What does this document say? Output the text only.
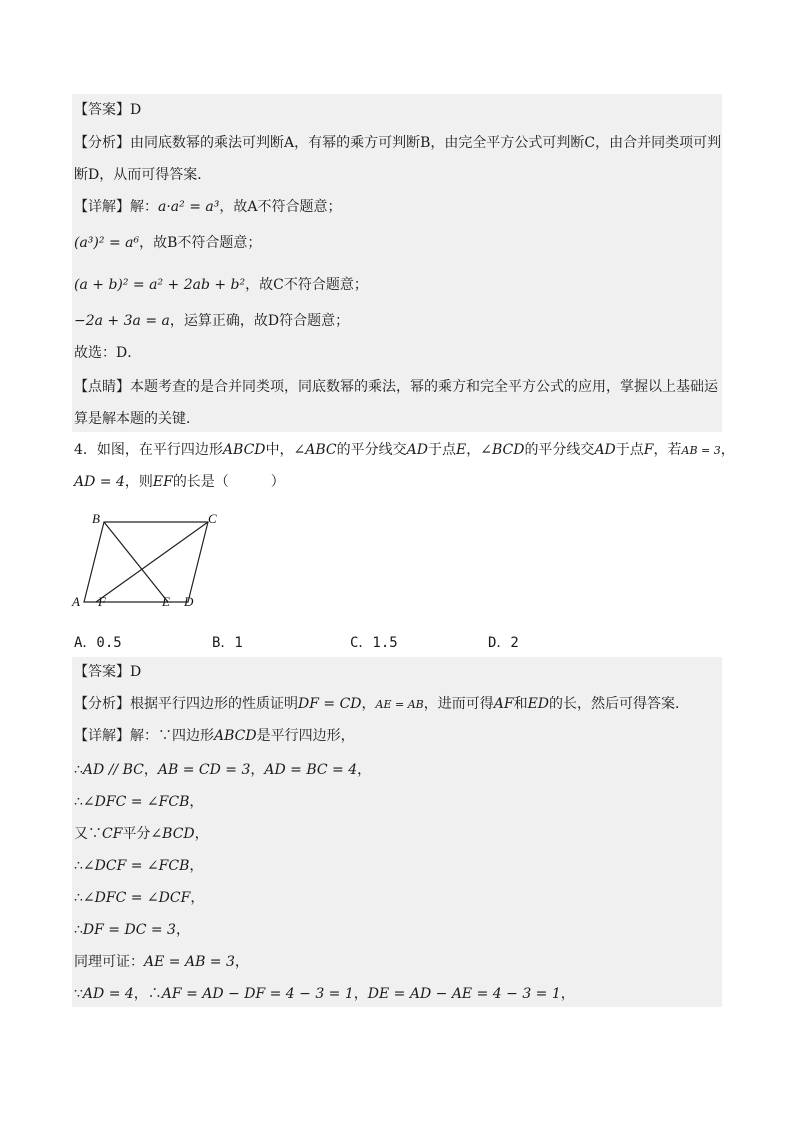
【答案】D
【分析】由同底数幂的乘法可判断A，有幂的乘方可判断B，由完全平方公式可判断C，由合并同类项可判
断D，从而可得答案．
【详解】解：a·a² = a³，故A不符合题意；
(a³)² = a⁶，故B不符合题意；
(a + b)² = a² + 2ab + b²，故C不符合题意；
−2a + 3a = a，运算正确，故D符合题意；
故选：D．
【点睛】本题考查的是合并同类项，同底数幂的乘法，幂的乘方和完全平方公式的应用，掌握以上基础运
算是解本题的关键．
4．如图，在平行四边形ABCD中，∠ABC的平分线交AD于点E，∠BCD的平分线交AD于点F，若AB = 3，
AD = 4，则EF的长是（　　　）
B	C
A F	E D
A．0.5	B．1	C．1.5	D．2
【答案】D
【分析】根据平行四边形的性质证明DF = CD，AE = AB，进而可得AF和ED的长，然后可得答案．
【详解】解：∵四边形ABCD是平行四边形，
∴AD // BC，AB = CD = 3，AD = BC = 4，
∴∠DFC = ∠FCB，
又∵CF平分∠BCD，
∴∠DCF = ∠FCB，
∴∠DFC = ∠DCF，
∴DF = DC = 3，
同理可证：AE = AB = 3，
∵AD = 4，∴AF = AD − DF = 4 − 3 = 1，DE = AD − AE = 4 − 3 = 1，
